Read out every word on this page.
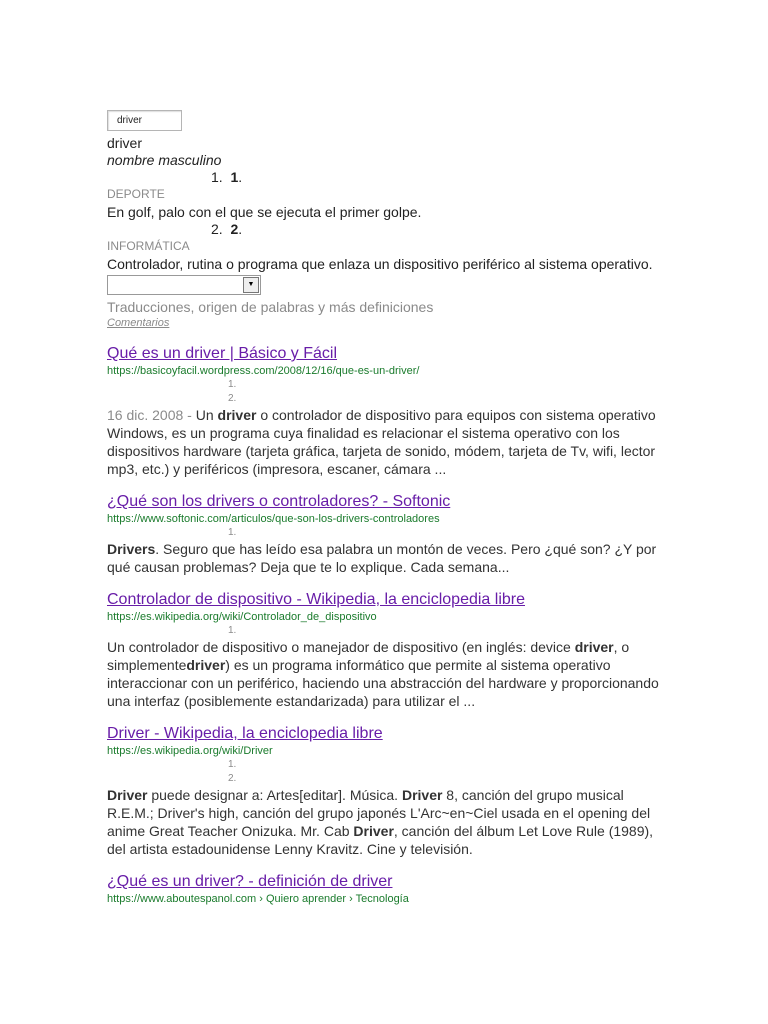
driver
driver
nombre masculino
1. 1.
DEPORTE
En golf, palo con el que se ejecuta el primer golpe.
2. 2.
INFORMÁTICA
Controlador, rutina o programa que enlaza un dispositivo periférico al sistema operativo.
▼
Traducciones, origen de palabras y más definiciones
Comentarios
Qué es un driver | Básico y Fácil
https://basicoyfacil.wordpress.com/2008/12/16/que-es-un-driver/
1.
2.
16 dic. 2008 - Un driver o controlador de dispositivo para equipos con sistema operativo Windows, es un programa cuya finalidad es relacionar el sistema operativo con los dispositivos hardware (tarjeta gráfica, tarjeta de sonido, módem, tarjeta de Tv, wifi, lector mp3, etc.) y periféricos (impresora, escaner, cámara ...
¿Qué son los drivers o controladores? - Softonic
https://www.softonic.com/articulos/que-son-los-drivers-controladores
1.
Drivers. Seguro que has leído esa palabra un montón de veces. Pero ¿qué son? ¿Y por qué causan problemas? Deja que te lo explique. Cada semana...
Controlador de dispositivo - Wikipedia, la enciclopedia libre
https://es.wikipedia.org/wiki/Controlador_de_dispositivo
1.
Un controlador de dispositivo o manejador de dispositivo (en inglés: device driver, o simplementedriver) es un programa informático que permite al sistema operativo interaccionar con un periférico, haciendo una abstracción del hardware y proporcionando una interfaz (posiblemente estandarizada) para utilizar el ...
Driver - Wikipedia, la enciclopedia libre
https://es.wikipedia.org/wiki/Driver
1.
2.
Driver puede designar a: Artes[editar]. Música. Driver 8, canción del grupo musical R.E.M.; Driver's high, canción del grupo japonés L'Arc~en~Ciel usada en el opening del anime Great Teacher Onizuka. Mr. Cab Driver, canción del álbum Let Love Rule (1989), del artista estadounidense Lenny Kravitz. Cine y televisión.
¿Qué es un driver? - definición de driver
https://www.aboutespanol.com › Quiero aprender › Tecnología
